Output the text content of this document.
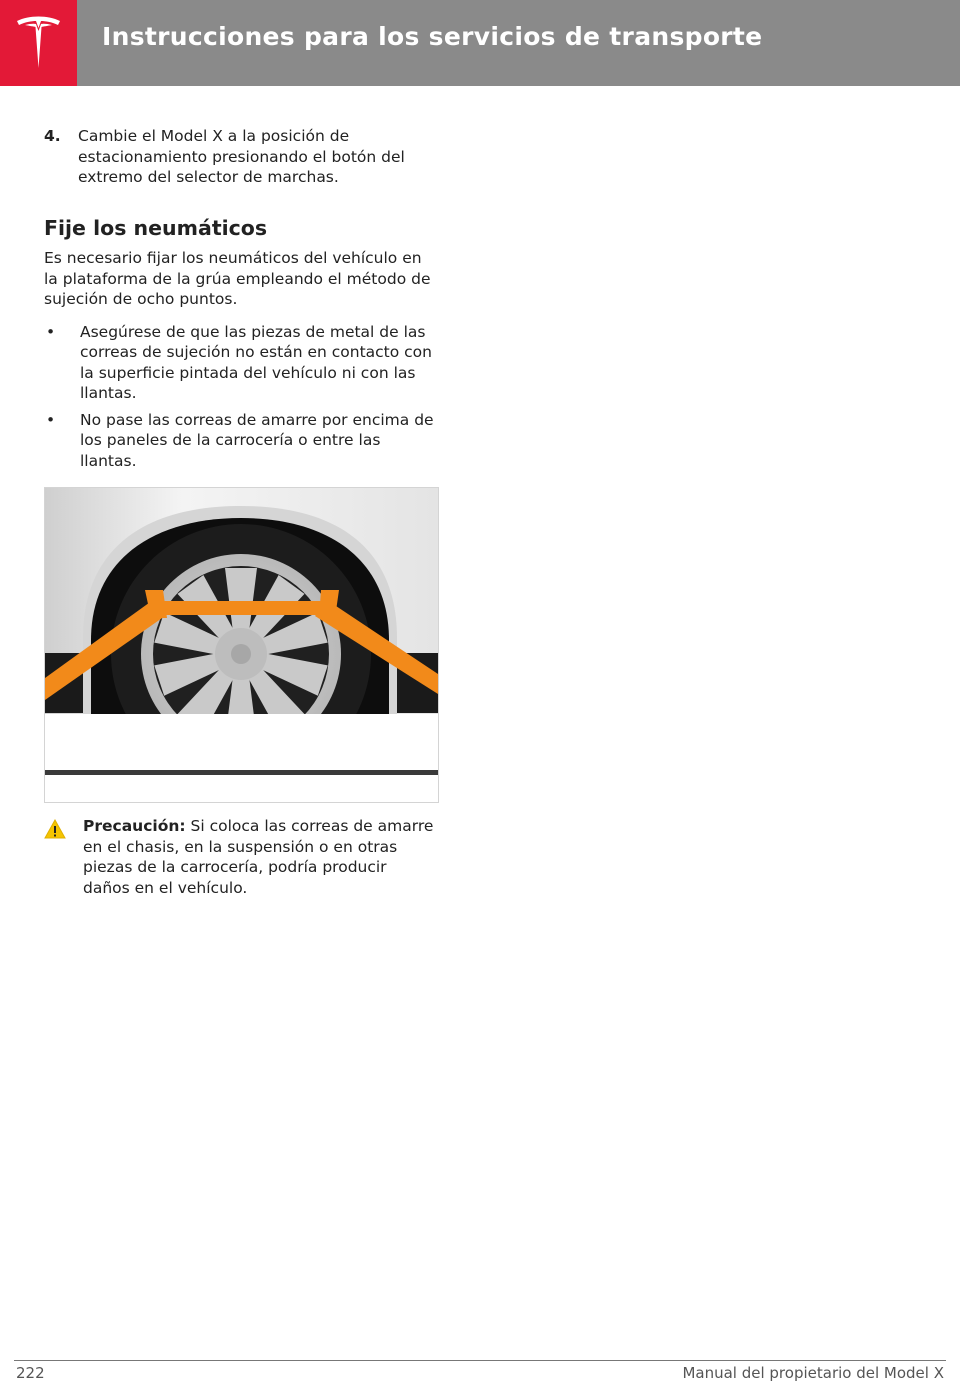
Instrucciones para los servicios de transporte
4.	Cambie el Model X a la posición de estacionamiento presionando el botón del extremo del selector de marchas.
Fije los neumáticos

Es necesario fijar los neumáticos del vehículo en la plataforma de la grúa empleando el método de sujeción de ocho puntos.

•	Asegúrese de que las piezas de metal de las correas de sujeción no están en contacto con la superficie pintada del vehículo ni con las llantas.
•	No pase las correas de amarre por encima de los paneles de la carrocería o entre las llantas.
Precaución: Si coloca las correas de amarre en el chasis, en la suspensión o en otras piezas de la carrocería, podría producir daños en el vehículo.
222	Manual del propietario del Model X
